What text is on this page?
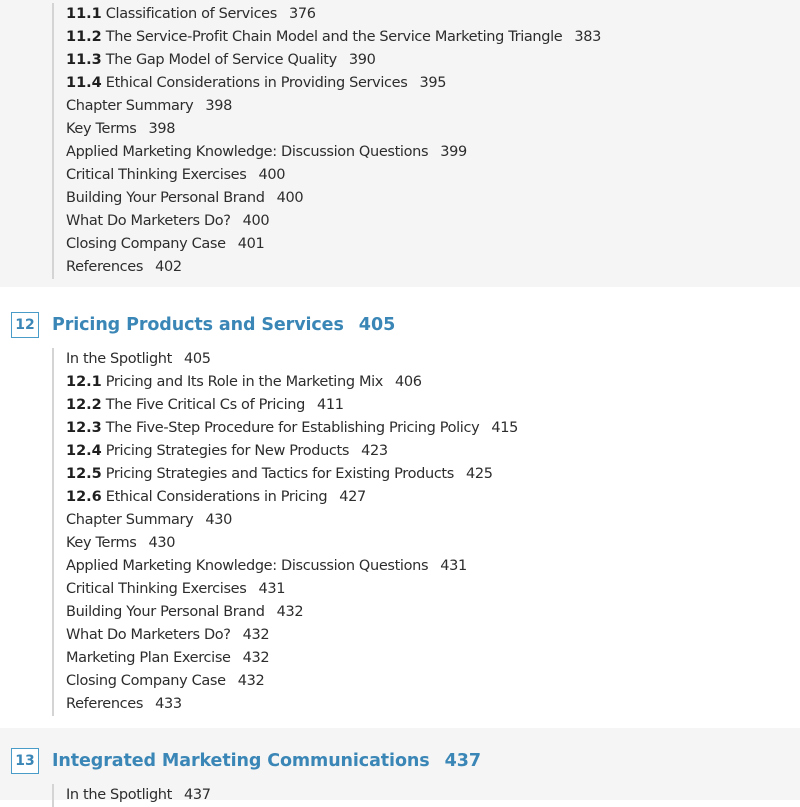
11.1 Classification of Services 376
11.2 The Service-Profit Chain Model and the Service Marketing Triangle 383
11.3 The Gap Model of Service Quality 390
11.4 Ethical Considerations in Providing Services 395
Chapter Summary 398
Key Terms 398
Applied Marketing Knowledge: Discussion Questions 399
Critical Thinking Exercises 400
Building Your Personal Brand 400
What Do Marketers Do? 400
Closing Company Case 401
References 402
12 Pricing Products and Services 405
In the Spotlight 405
12.1 Pricing and Its Role in the Marketing Mix 406
12.2 The Five Critical Cs of Pricing 411
12.3 The Five-Step Procedure for Establishing Pricing Policy 415
12.4 Pricing Strategies for New Products 423
12.5 Pricing Strategies and Tactics for Existing Products 425
12.6 Ethical Considerations in Pricing 427
Chapter Summary 430
Key Terms 430
Applied Marketing Knowledge: Discussion Questions 431
Critical Thinking Exercises 431
Building Your Personal Brand 432
What Do Marketers Do? 432
Marketing Plan Exercise 432
Closing Company Case 432
References 433
13 Integrated Marketing Communications 437
In the Spotlight 437
